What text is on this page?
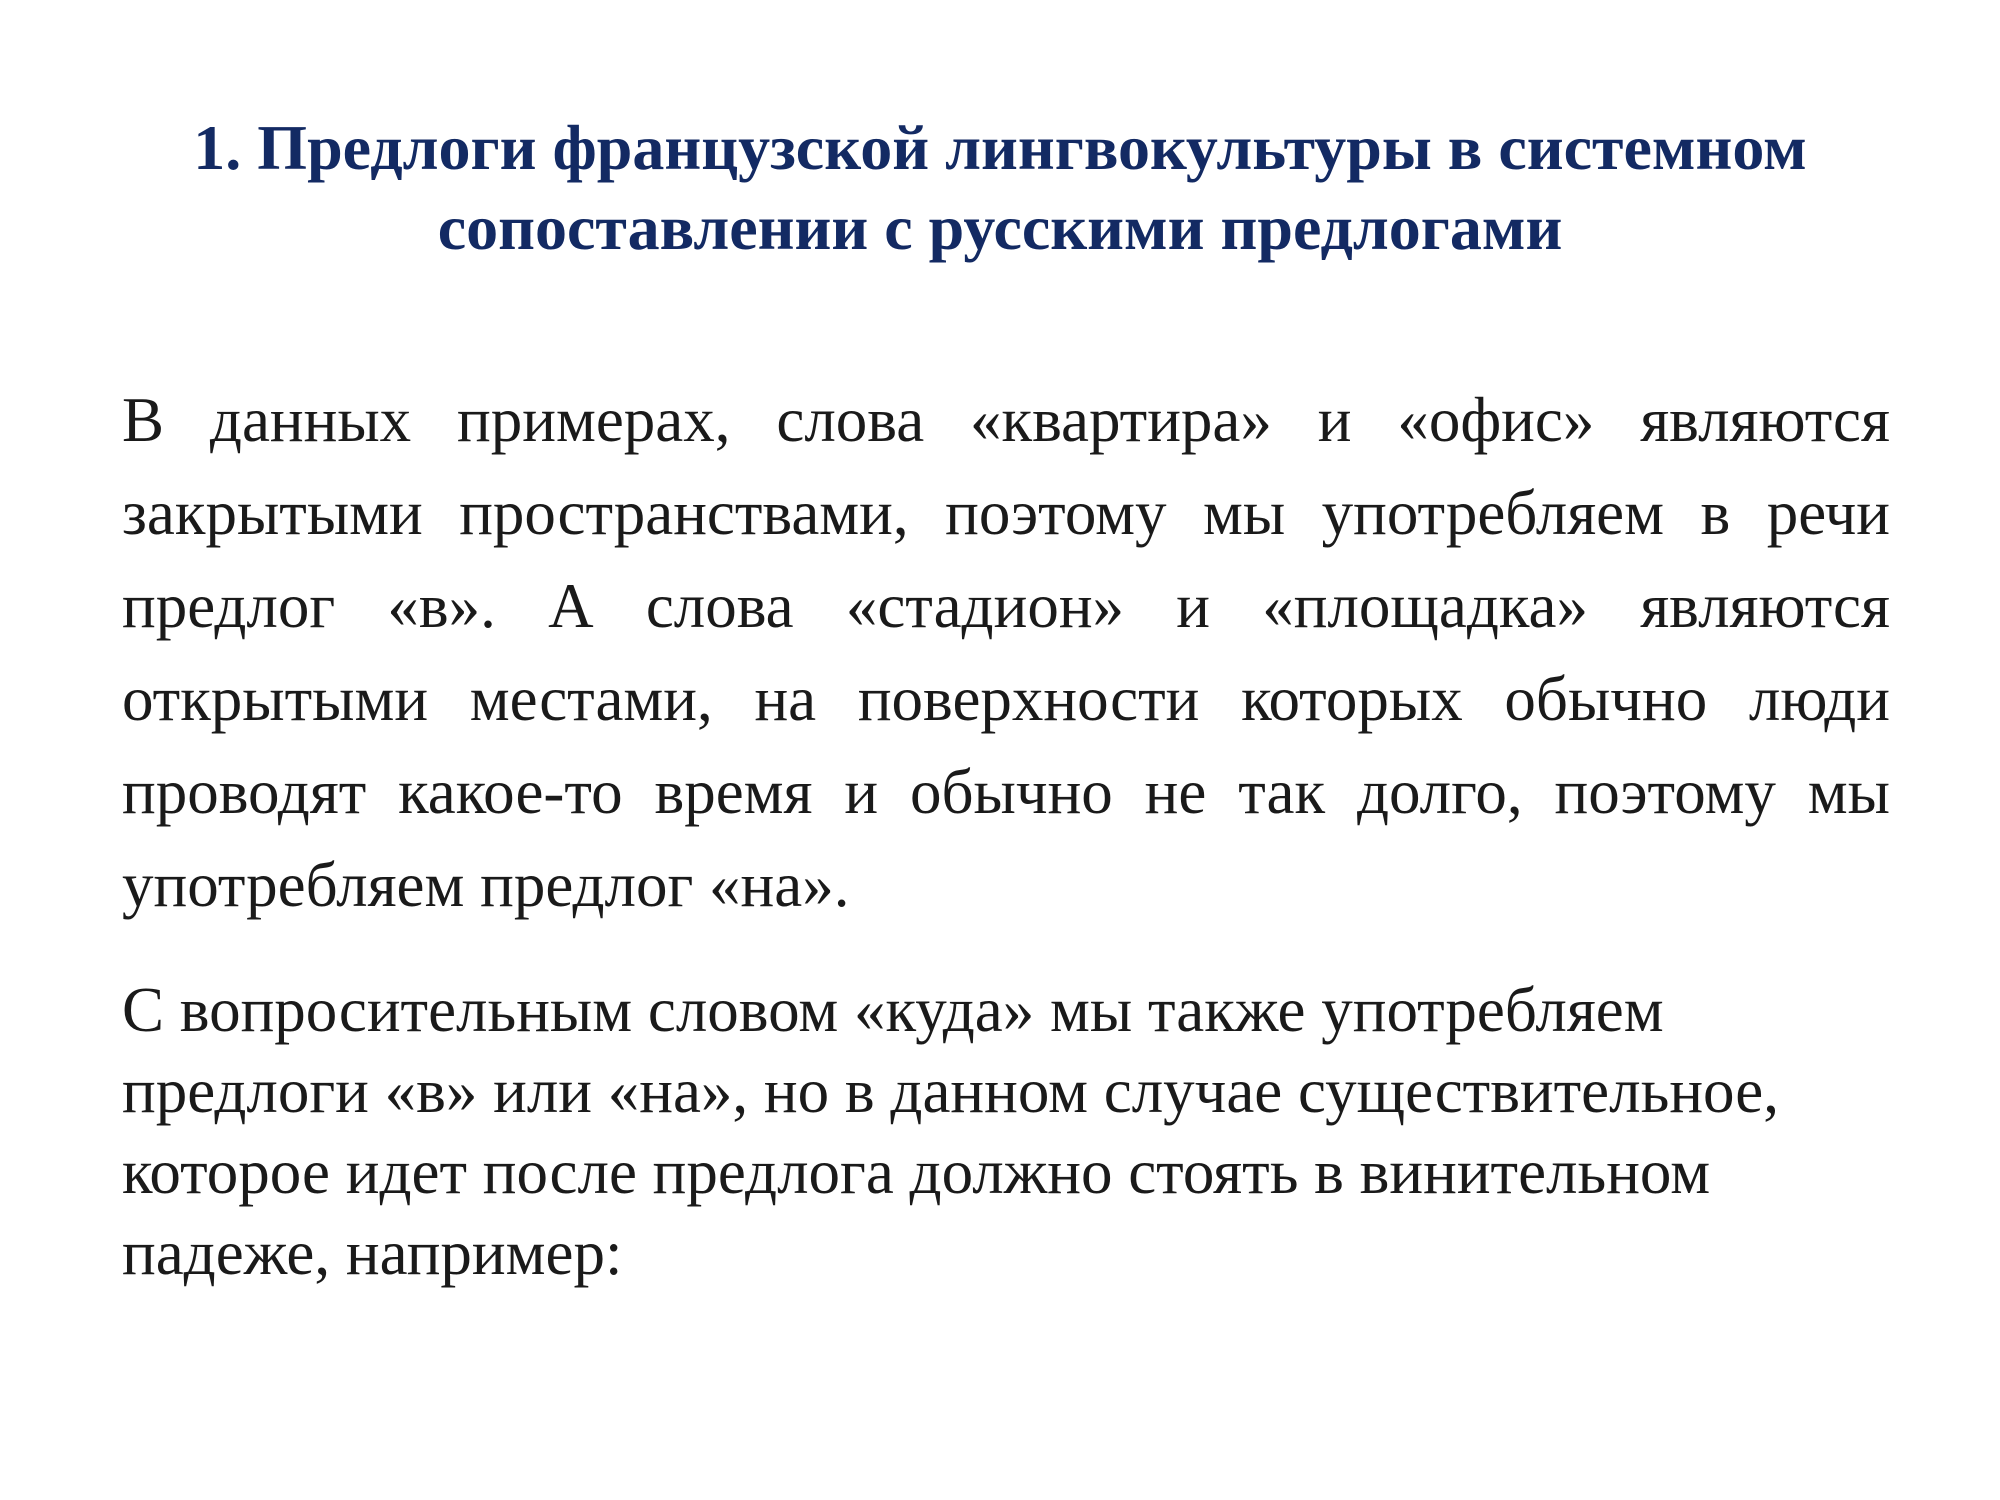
1. Предлоги французской лингвокультуры в системном
сопоставлении с русскими предлогами

В данных примерах, слова «квартира» и «офис» являются
закрытыми пространствами, поэтому мы употребляем в речи
предлог «в». А слова «стадион» и «площадка» являются
открытыми местами, на поверхности которых обычно люди
проводят какое-то время и обычно не так долго, поэтому мы
употребляем предлог «на».

С вопросительным словом «куда» мы также употребляем
предлоги «в» или «на», но в данном случае существительное,
которое идет после предлога должно стоять в винительном
падеже, например:
